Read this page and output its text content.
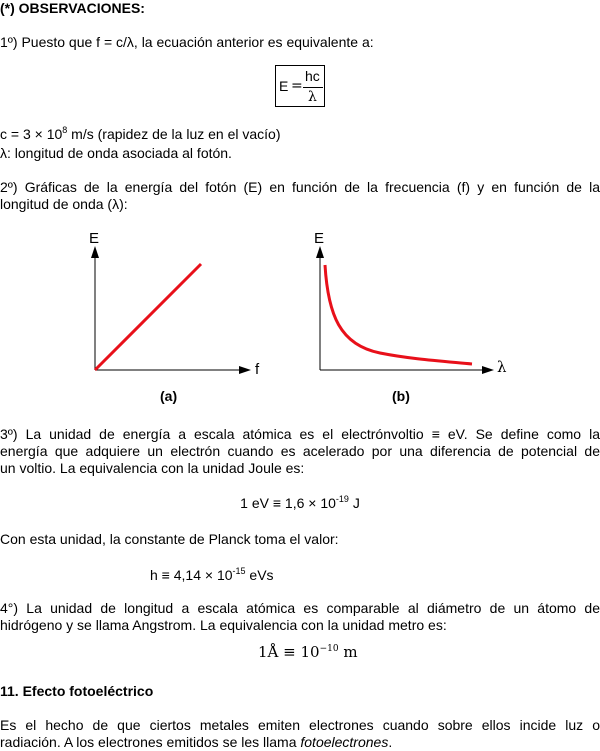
(*) OBSERVACIONES:
1º) Puesto que f = c/λ, la ecuación anterior es equivalente a:
E =
hc
λ
$c = 3 \times 10^8$ m/s (rapidez de la luz en el vacío)
λ: longitud de onda asociada al fotón.
2º) Gráficas de la energía del fotón (E) en función de la frecuencia (f) y en función de la
longitud de onda (λ):
E
f
(a)
E
λ
(b)
3º) La unidad de energía a escala atómica es el electrónvoltio ≡ eV. Se define como la
energía que adquiere un electrón cuando es acelerado por una diferencia de potencial de
un voltio. La equivalencia con la unidad Joule es:
1 eV ≡ $1,6 \times 10^{-19}$ J
Con esta unidad, la constante de Planck toma el valor:
$h \equiv 4,14 \times 10^{-15}$ eVs
4°) La unidad de longitud a escala atómica es comparable al diámetro de un átomo de
hidrógeno y se llama Angstrom. La equivalencia con la unidad metro es:
1Å ≡ $10^{-10}$ m
11. Efecto fotoeléctrico
Es el hecho de que ciertos metales emiten electrones cuando sobre ellos incide luz o
radiación. A los electrones emitidos se les llama fotoelectrones.
